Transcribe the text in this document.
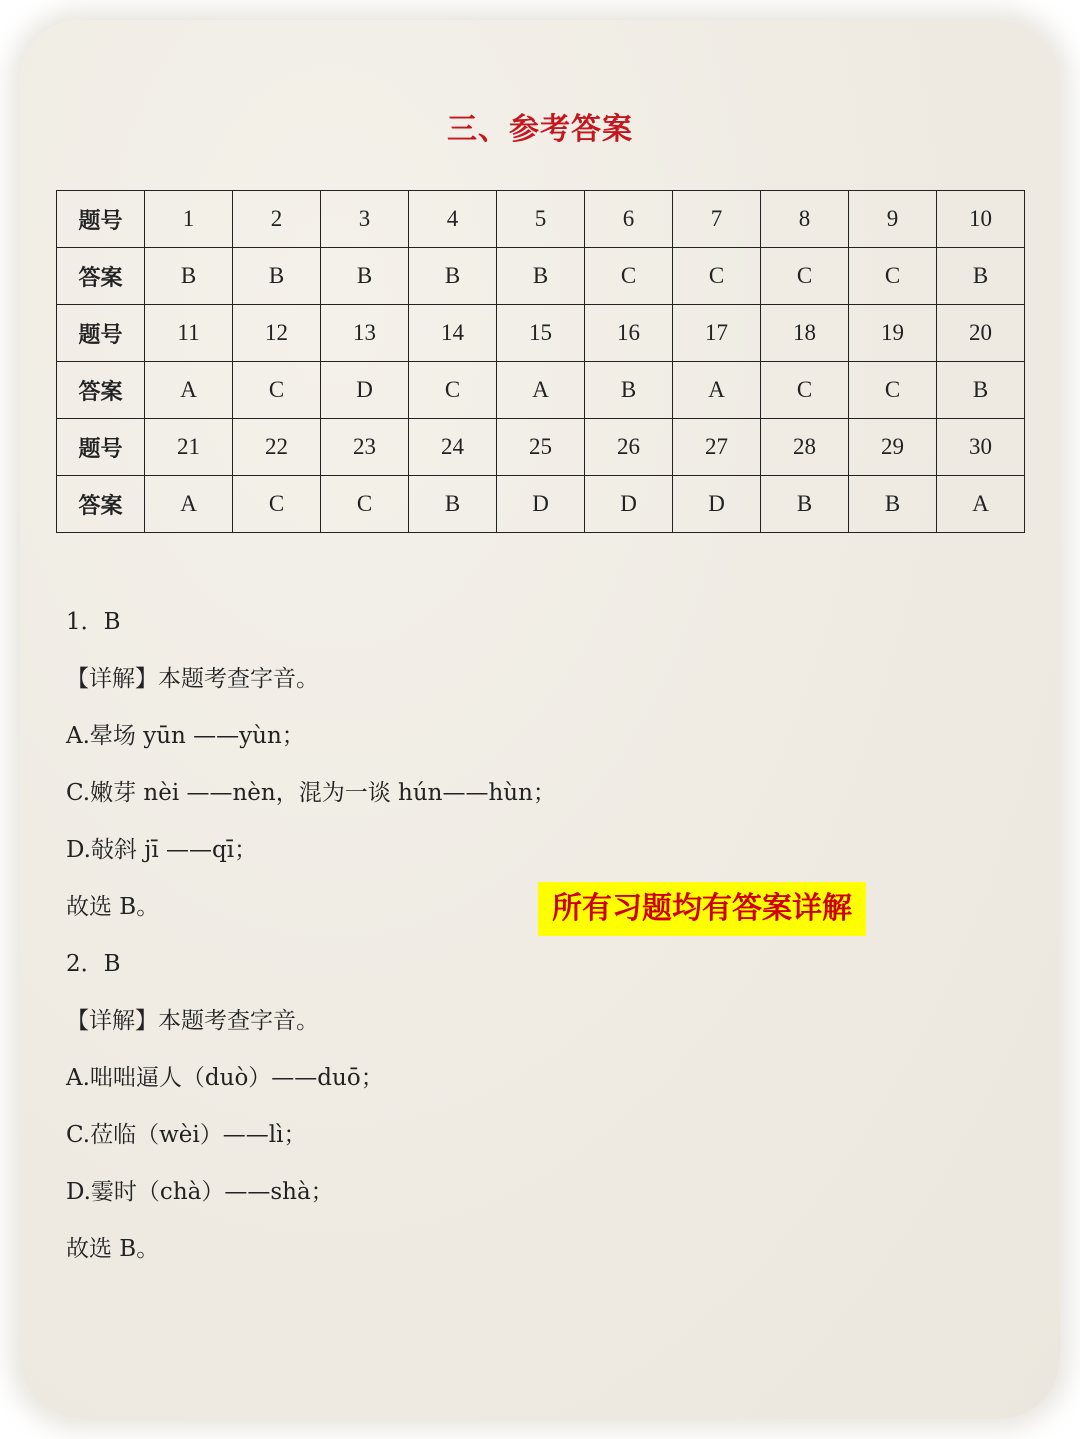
三、参考答案
题号	1	2	3	4	5	6	7	8	9	10
答案	B	B	B	B	B	C	C	C	C	B
题号	11	12	13	14	15	16	17	18	19	20
答案	A	C	D	C	A	B	A	C	C	B
题号	21	22	23	24	25	26	27	28	29	30
答案	A	C	C	B	D	D	D	B	B	A
1．B
【详解】本题考查字音。
A.晕场 yūn ——yùn；
C.嫩芽 nèi ——nèn，混为一谈 hún——hùn；
D.敧斜 jī ——qī；
故选 B。
2．B
【详解】本题考查字音。
A.咄咄逼人（duò）——duō；
C.莅临（wèi）——lì；
D.霎时（chà）——shà；
故选 B。
所有习题均有答案详解
